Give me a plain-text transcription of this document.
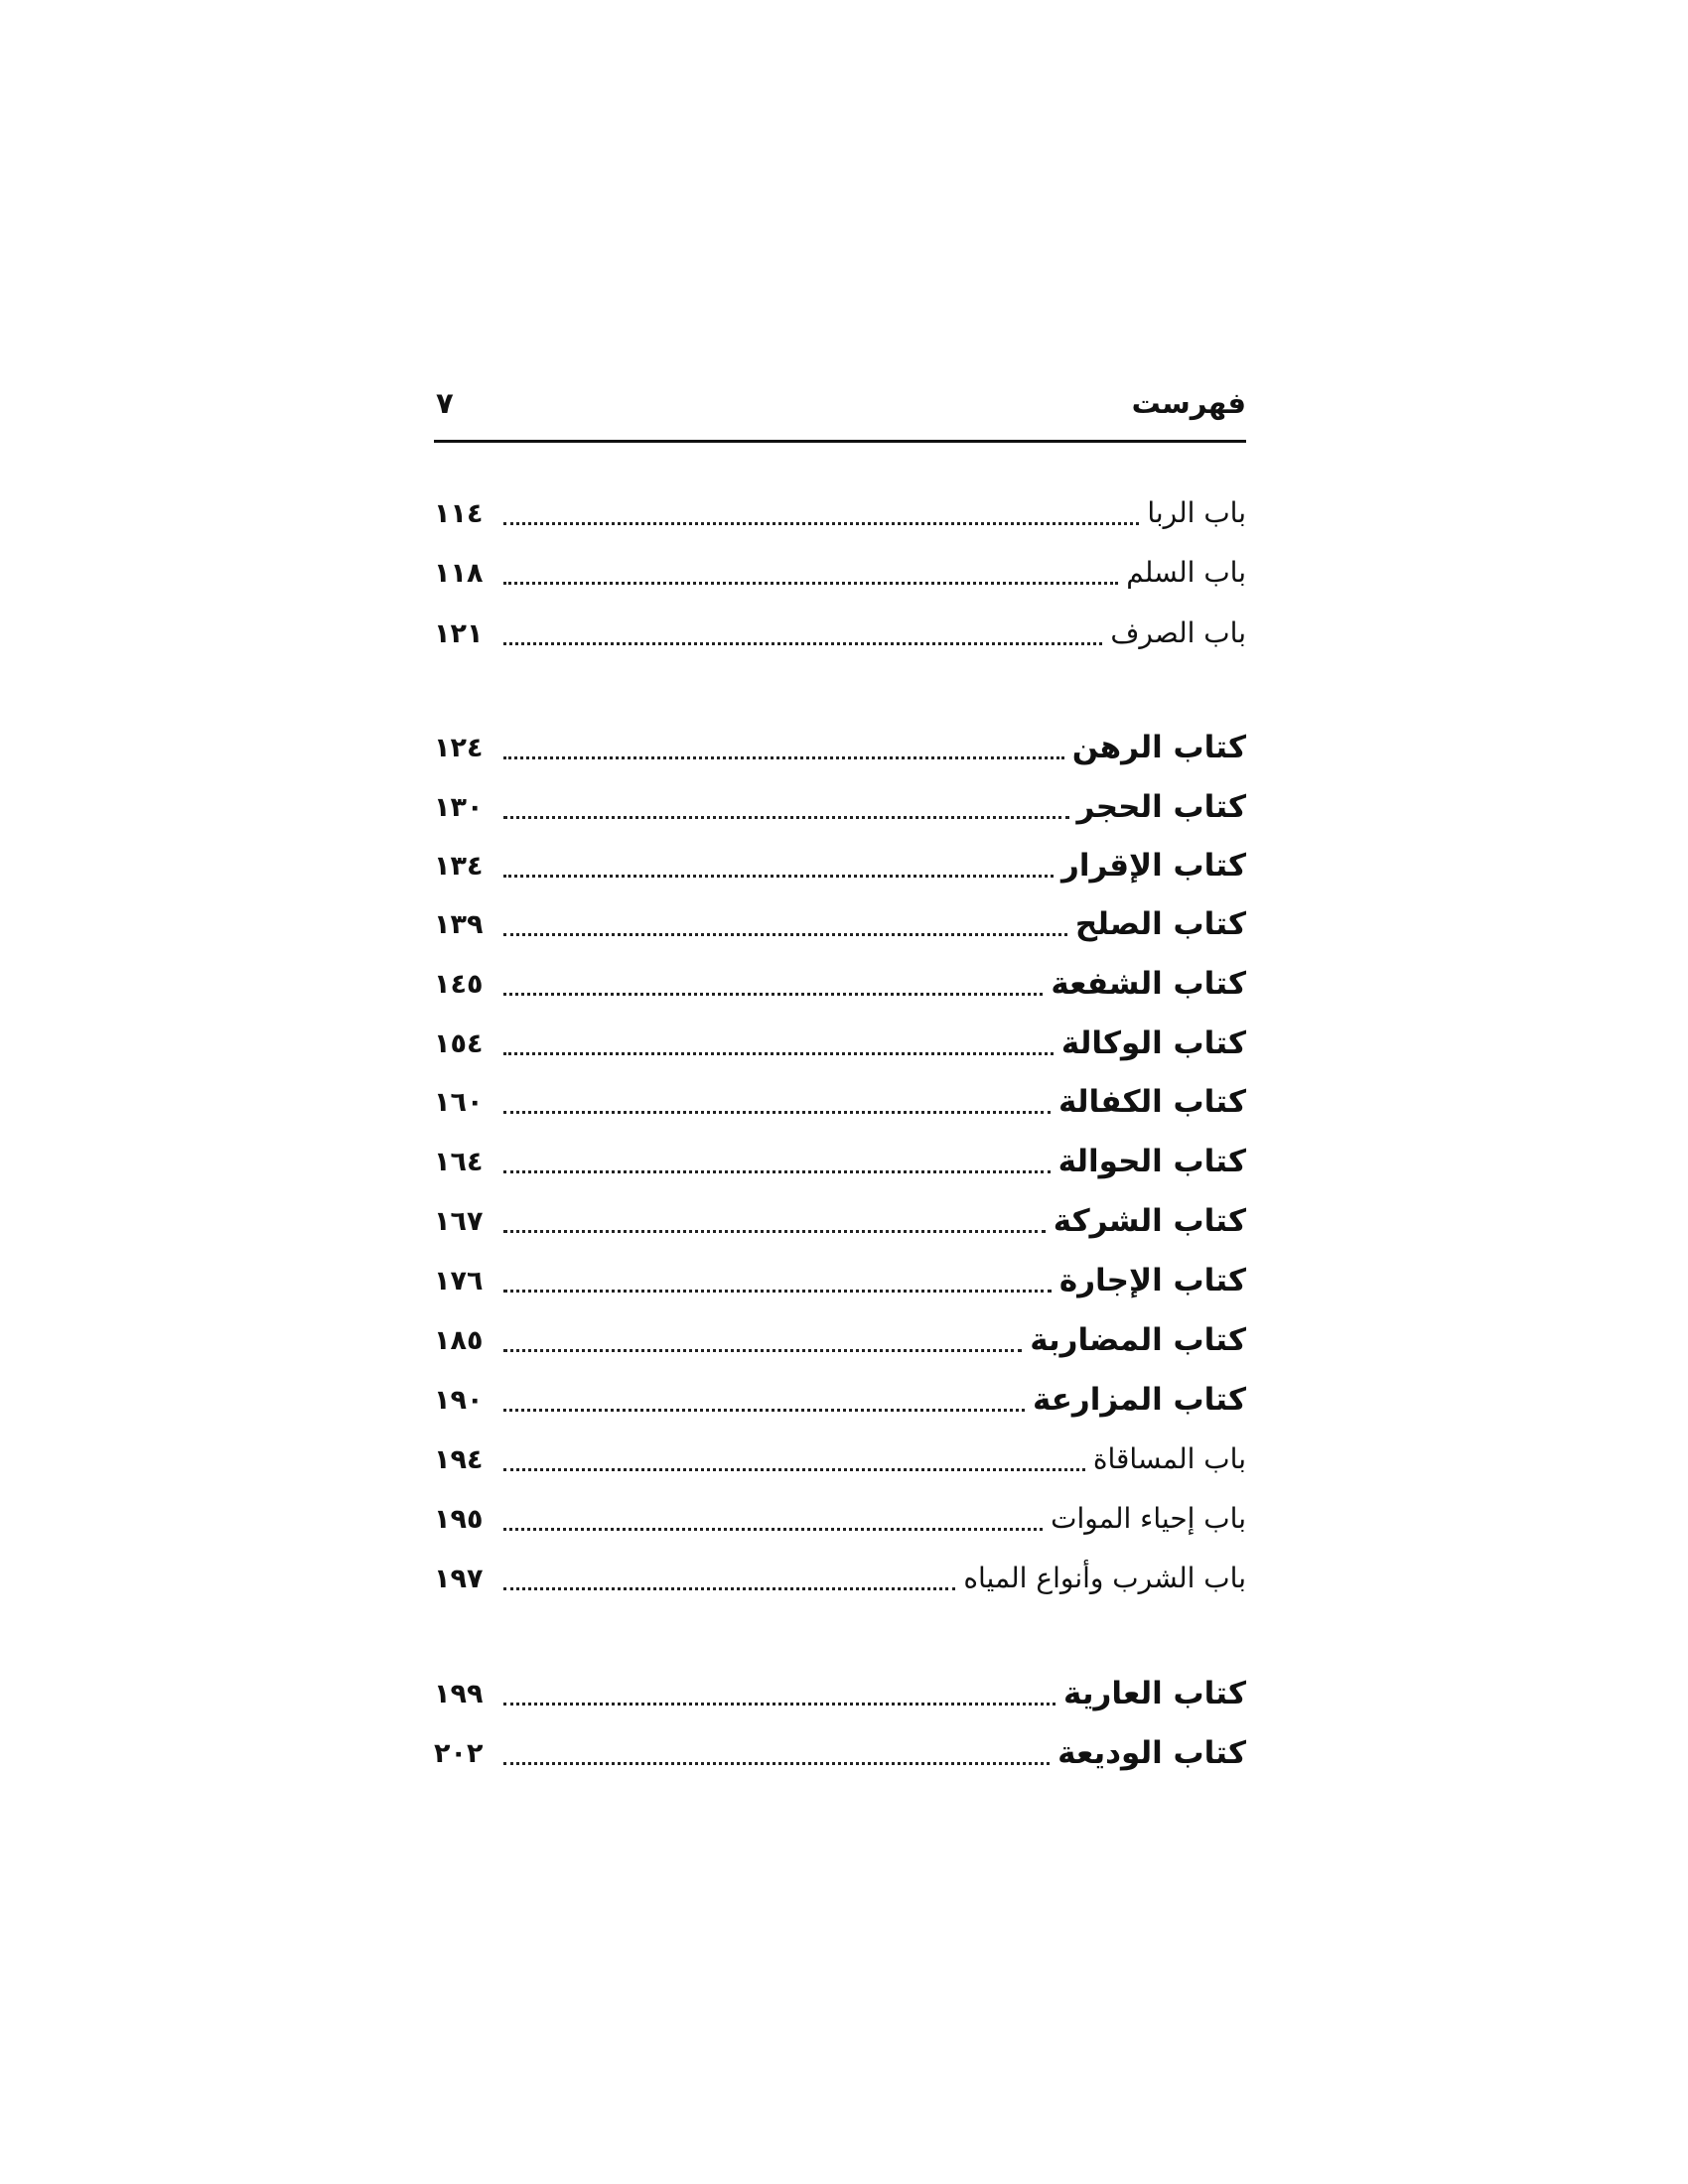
فهرست
۷
باب الربا
۱۱٤
باب السلم
۱۱۸
باب الصرف
۱۲۱
كتاب الرهن
۱۲٤
كتاب الحجر
۱۳۰
كتاب الإقرار
۱۳٤
كتاب الصلح
۱۳۹
كتاب الشفعة
۱٤٥
كتاب الوكالة
۱٥٤
كتاب الكفالة
۱٦۰
كتاب الحوالة
۱٦٤
كتاب الشركة
۱٦۷
كتاب الإجارة
۱۷٦
كتاب المضاربة
۱۸٥
كتاب المزارعة
۱۹۰
باب المساقاة
۱۹٤
باب إحياء الموات
۱۹٥
باب الشرب وأنواع المياه
۱۹۷
كتاب العارية
۱۹۹
كتاب الوديعة
۲۰۲
